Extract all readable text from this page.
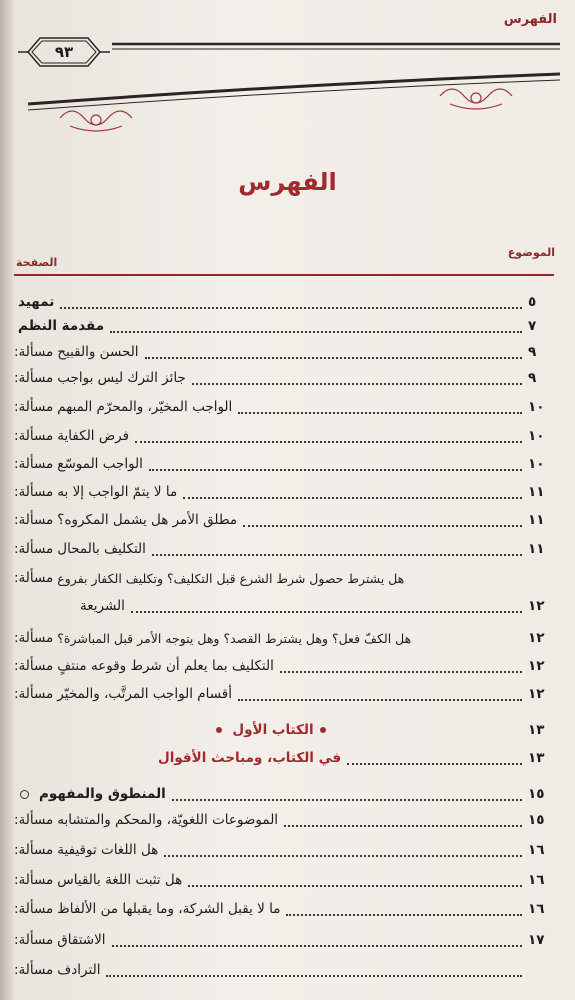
الفهرس
٩٣
الفهرس
الموضوع
الصفحة
تمهيد	٥
مقدمة النظم	٧
مسألة: الحسن والقبيح	٩
مسألة: جائز الترك ليس بواجب	٩
مسألة: الواجب المخيّر، والمحرّم المبهم	١٠
مسألة: فرض الكفاية	١٠
مسألة: الواجب الموسّع	١٠
مسألة: ما لا يتمّ الواجب إلا به	١١
مسألة: مطلق الأمر هل يشمل المكروه؟	١١
مسألة: التكليف بالمحال	١١
مسألة: هل يشترط حصول شرط الشرع قبل التكليف؟ وتكليف الكفار بفروع
الشريعة	١٢
مسألة: هل الكفّ فعل؟ وهل يشترط القصد؟ وهل يتوجه الأمر قبل المباشرة؟	١٢
مسألة: التكليف بما يعلم أن شرط وقوعه منتفٍ	١٢
مسألة: أقسام الواجب المرتَّب، والمخيّر	١٢
الكتاب الأول	١٣
في الكتاب، ومباحث الأقوال	١٣
المنطوق والمفهوم	١٥
مسألة: الموضوعات اللغويّة، والمحكم والمتشابه	١٥
مسألة: هل اللغات توقيفية	١٦
مسألة: هل تثبت اللغة بالقياس	١٦
مسألة: ما لا يقبل الشركة، وما يقبلها من الألفاظ	١٦
مسألة: الاشتقاق	١٧
مسألة: الترادف
